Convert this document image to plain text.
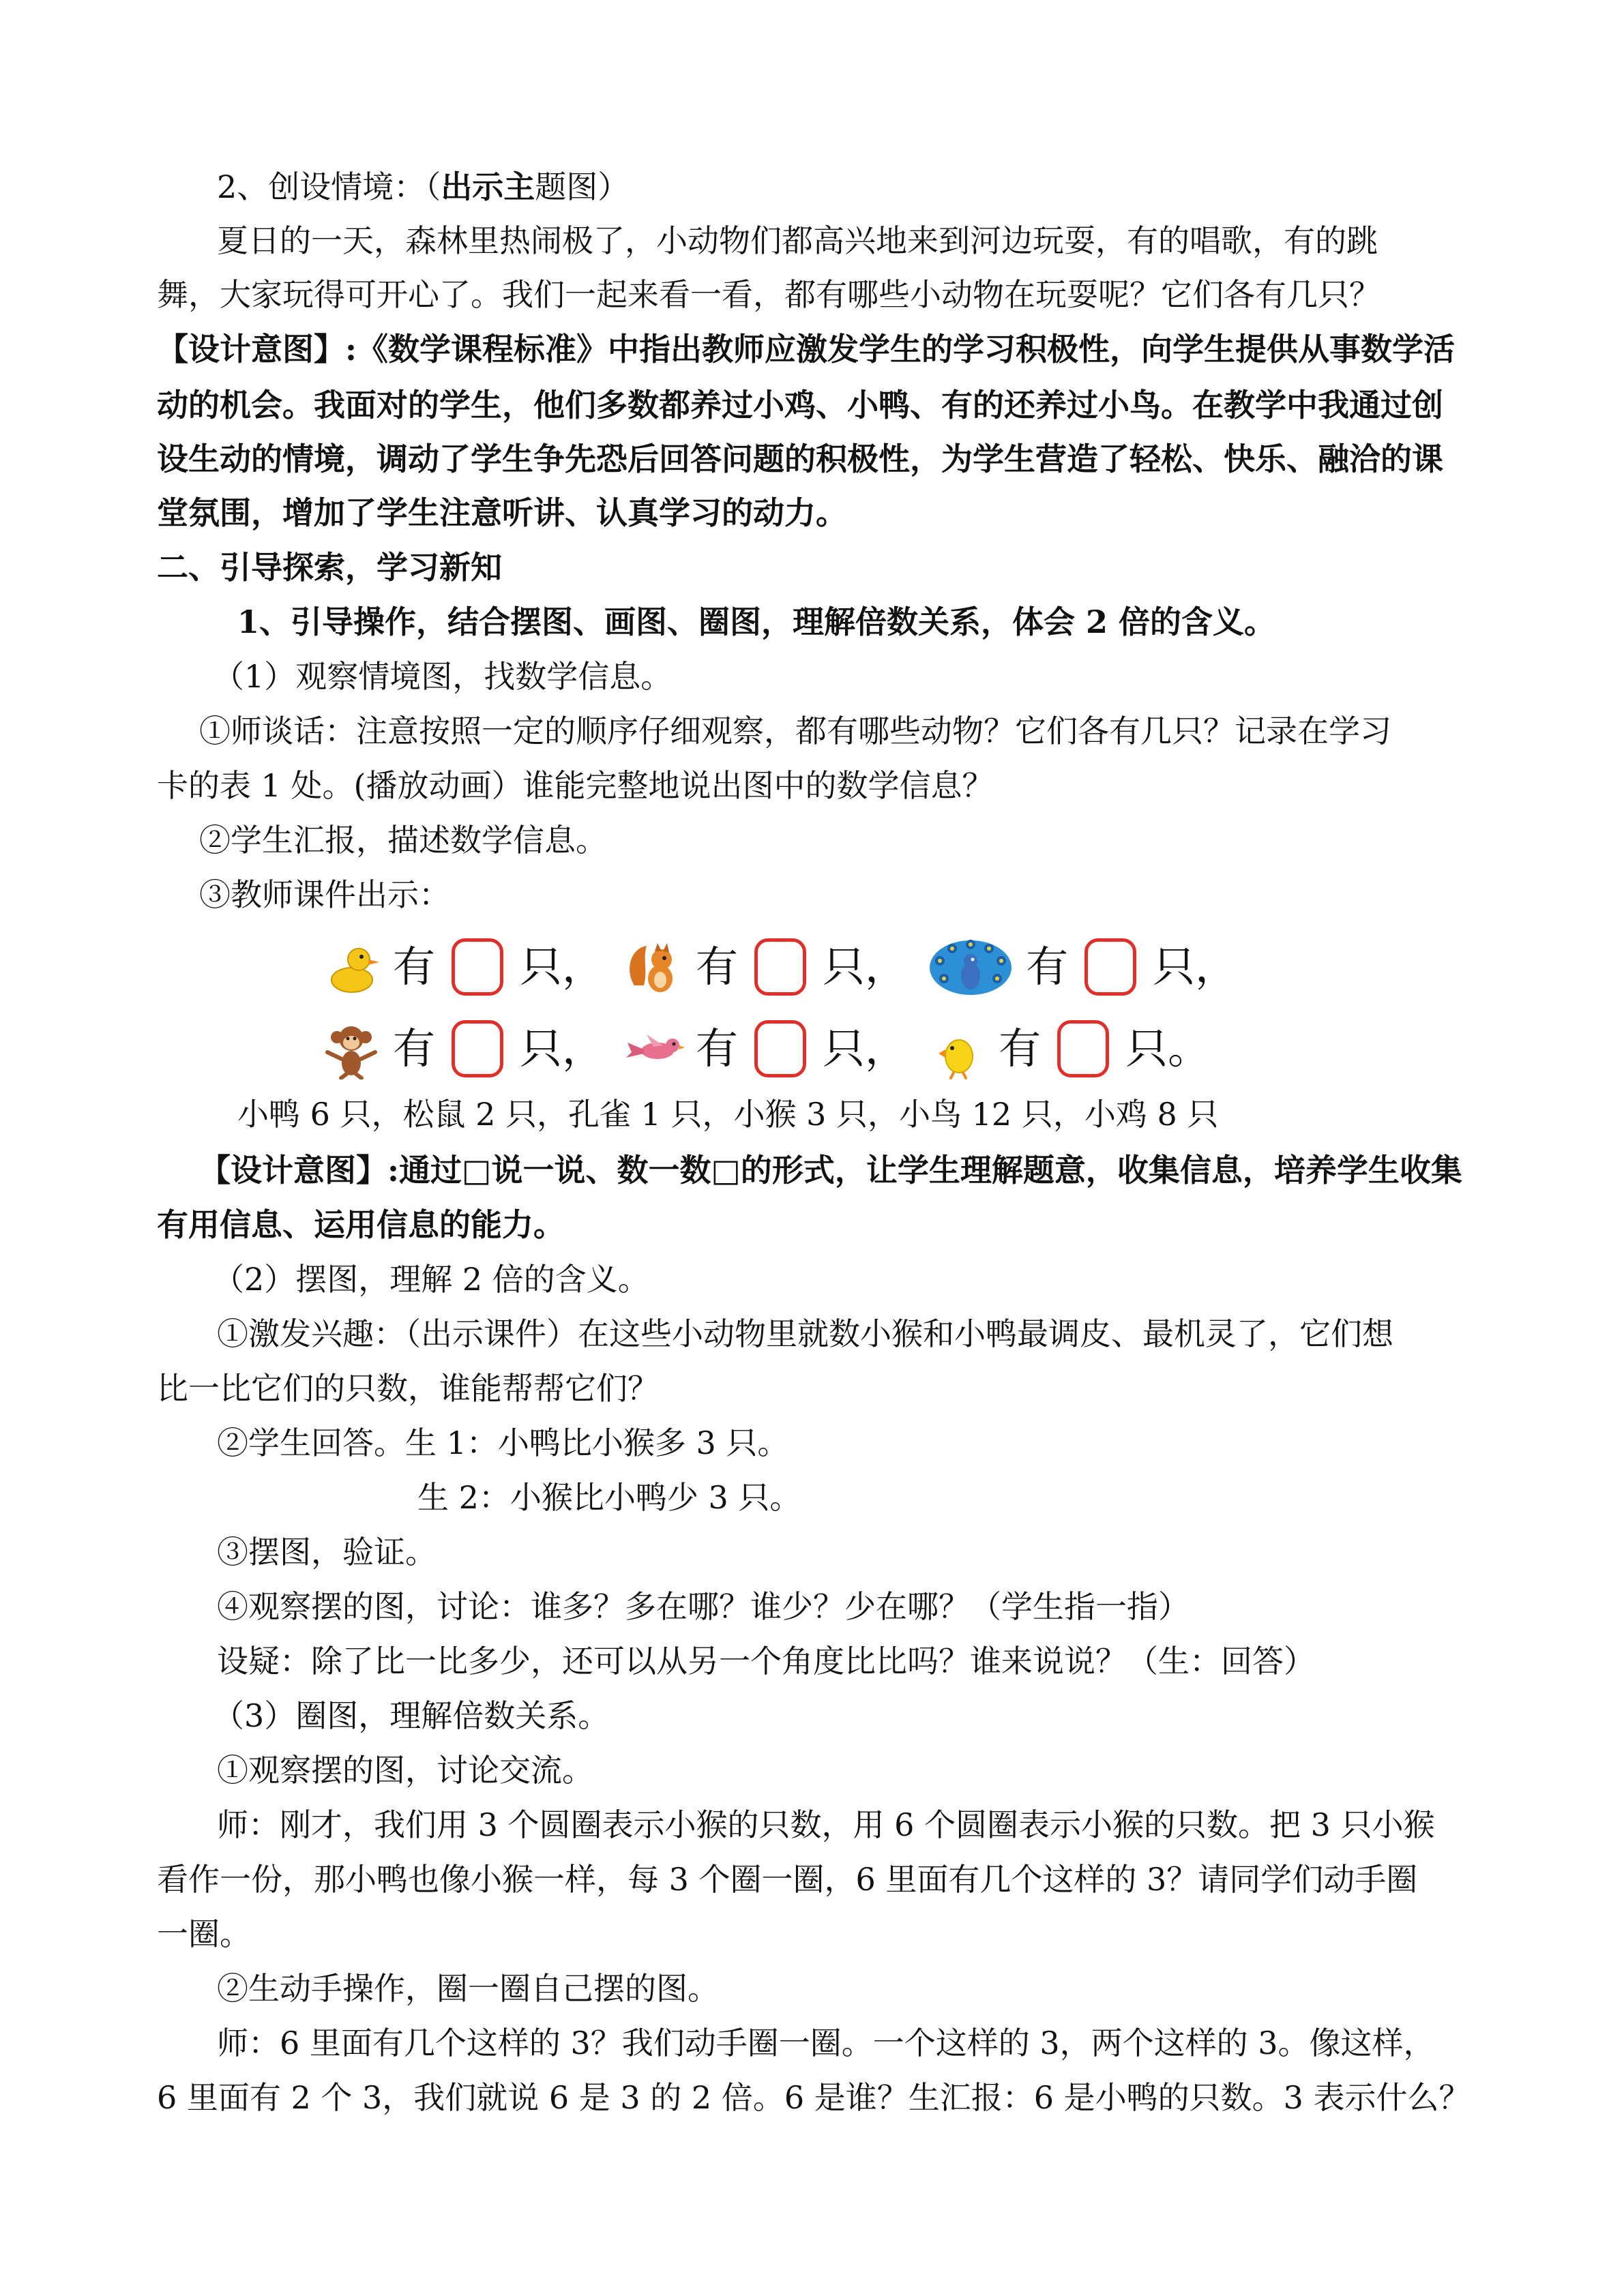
2、创设情境：（出示主题图）
夏日的一天，森林里热闹极了，小动物们都高兴地来到河边玩耍，有的唱歌，有的跳
舞，大家玩得可开心了。我们一起来看一看，都有哪些小动物在玩耍呢？它们各有几只？
【设计意图】:《数学课程标准》中指出教师应激发学生的学习积极性，向学生提供从事数学活
动的机会。我面对的学生，他们多数都养过小鸡、小鸭、有的还养过小鸟。在教学中我通过创
设生动的情境，调动了学生争先恐后回答问题的积极性，为学生营造了轻松、快乐、融洽的课
堂氛围，增加了学生注意听讲、认真学习的动力。
二、引导探索，学习新知
1、引导操作，结合摆图、画图、圈图，理解倍数关系，体会 2 倍的含义。
（1）观察情境图，找数学信息。
①师谈话：注意按照一定的顺序仔细观察，都有哪些动物？它们各有几只？记录在学习
卡的表 1 处。(播放动画）谁能完整地说出图中的数学信息？
②学生汇报，描述数学信息。
③教师课件出示：
有 只， 有 只，	有 只，
有 只， 有 只， 有 只。
小鸭 6 只，松鼠 2 只，孔雀 1 只，小猴 3 只，小鸟 12 只，小鸡 8 只
【设计意图】:通过□说一说、数一数□的形式，让学生理解题意，收集信息，培养学生收集
有用信息、运用信息的能力。
（2）摆图，理解 2 倍的含义。
①激发兴趣：（出示课件）在这些小动物里就数小猴和小鸭最调皮、最机灵了，它们想
比一比它们的只数，谁能帮帮它们？
②学生回答。生 1：小鸭比小猴多 3 只。
生 2：小猴比小鸭少 3 只。
③摆图，验证。
④观察摆的图，讨论：谁多？多在哪？谁少？少在哪？（学生指一指）
设疑：除了比一比多少，还可以从另一个角度比比吗？谁来说说？（生：回答）
（3）圈图，理解倍数关系。
①观察摆的图，讨论交流。
师：刚才，我们用 3 个圆圈表示小猴的只数，用 6 个圆圈表示小猴的只数。把 3 只小猴
看作一份，那小鸭也像小猴一样，每 3 个圈一圈，6 里面有几个这样的 3？请同学们动手圈
一圈。
②生动手操作，圈一圈自己摆的图。
师：6 里面有几个这样的 3？我们动手圈一圈。一个这样的 3，两个这样的 3。像这样，
6 里面有 2 个 3，我们就说 6 是 3 的 2 倍。6 是谁？生汇报：6 是小鸭的只数。3 表示什么？
